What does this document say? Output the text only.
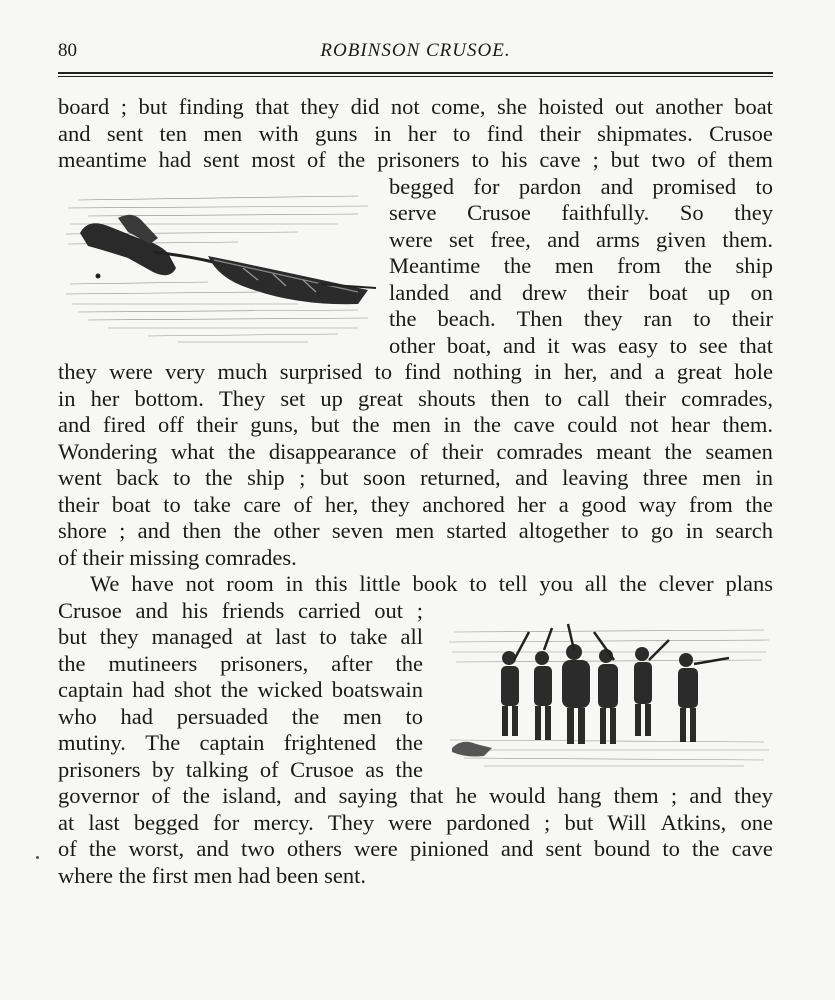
80	ROBINSON CRUSOE.
board ; but finding that they did not come, she hoisted out another boat
and sent ten men with guns in her to find their shipmates. Crusoe
meantime had sent most of the prisoners to his cave ; but two of them
begged for pardon and promised to
serve Crusoe faithfully. So they
were set free, and arms given them.
Meantime the men from the ship
landed and drew their boat up on
the beach. Then they ran to their
other boat, and it was easy to see that
they were very much surprised to find nothing in her, and a great hole
in her bottom. They set up great shouts then to call their comrades,
and fired off their guns, but the men in the cave could not hear them.
Wondering what the disappearance of their comrades meant the seamen
went back to the ship ; but soon returned, and leaving three men in
their boat to take care of her, they anchored her a good way from the
shore ; and then the other seven men started altogether to go in search
of their missing comrades.
We have not room in this little book to tell you all the clever plans
Crusoe and his friends carried out ;
but they managed at last to take all
the mutineers prisoners, after the
captain had shot the wicked boatswain
who had persuaded the men to
mutiny. The captain frightened the
prisoners by talking of Crusoe as the
governor of the island, and saying that he would hang them ; and they
at last begged for mercy. They were pardoned ; but Will Atkins, one
of the worst, and two others were pinioned and sent bound to the cave
where the first men had been sent.
